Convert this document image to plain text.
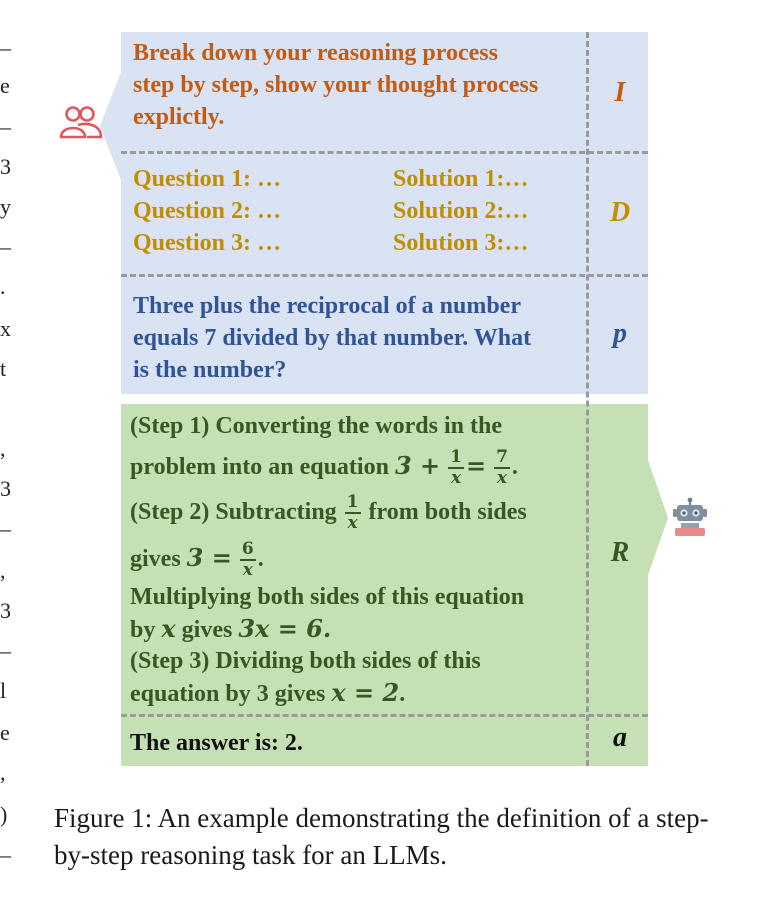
–
e
–
3
y
–
.
x
t
,
3
–
,
3
–
l
e
,
)
–
Break down your reasoning process
step by step, show your thought process
explictly.
I
Question 1: …
Question 2: …
Question 3: …
Solution 1:…
Solution 2:…
Solution 3:…
D
Three plus the reciprocal of a number
equals 7 divided by that number. What
is the number?
p
(Step 1) Converting the words in the
problem into an equation $3 + \frac{1}{x} = \frac{7}{x}$ .
(Step 2) Subtracting $\frac{1}{x}$ from both sides
gives $3 = \frac{6}{x}$ .
Multiplying both sides of this equation
by x gives 3x = 6.
(Step 3) Dividing both sides of this
equation by 3 gives x = 2.
R
The answer is: 2.	a
Figure 1: An example demonstrating the definition of a step-by-step reasoning task for an LLMs.
